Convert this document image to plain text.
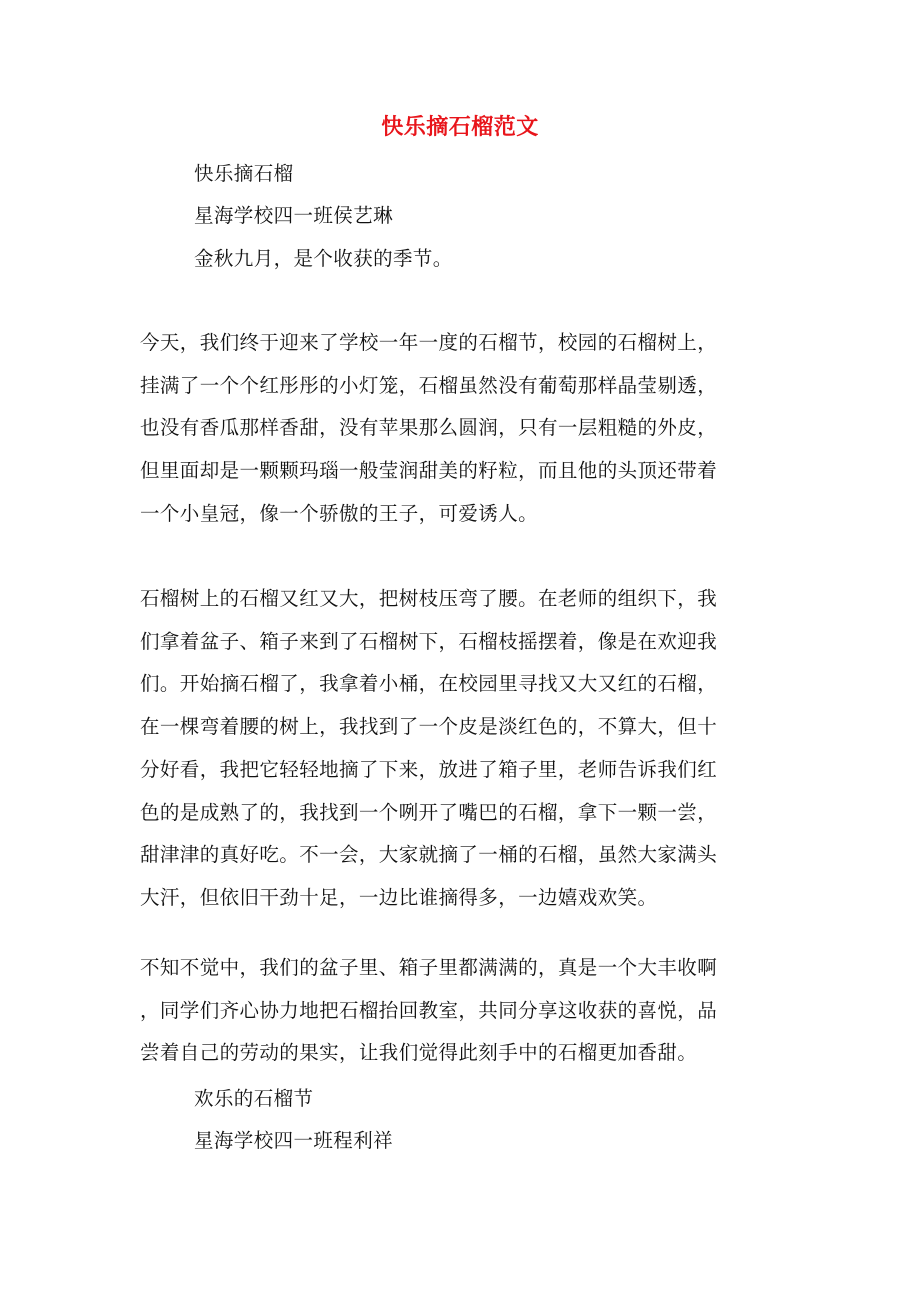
快乐摘石榴范文
快乐摘石榴
星海学校四一班侯艺琳
金秋九月，是个收获的季节。
今天，我们终于迎来了学校一年一度的石榴节，校园的石榴树上，
挂满了一个个红彤彤的小灯笼，石榴虽然没有葡萄那样晶莹剔透，
也没有香瓜那样香甜，没有苹果那么圆润，只有一层粗糙的外皮，
但里面却是一颗颗玛瑙一般莹润甜美的籽粒，而且他的头顶还带着
一个小皇冠，像一个骄傲的王子，可爱诱人。
石榴树上的石榴又红又大，把树枝压弯了腰。在老师的组织下，我
们拿着盆子、箱子来到了石榴树下，石榴枝摇摆着，像是在欢迎我
们。开始摘石榴了，我拿着小桶，在校园里寻找又大又红的石榴，
在一棵弯着腰的树上，我找到了一个皮是淡红色的，不算大，但十
分好看，我把它轻轻地摘了下来，放进了箱子里，老师告诉我们红
色的是成熟了的，我找到一个咧开了嘴巴的石榴，拿下一颗一尝，
甜津津的真好吃。不一会，大家就摘了一桶的石榴，虽然大家满头
大汗，但依旧干劲十足，一边比谁摘得多，一边嬉戏欢笑。
不知不觉中，我们的盆子里、箱子里都满满的，真是一个大丰收啊
，同学们齐心协力地把石榴抬回教室，共同分享这收获的喜悦，品
尝着自己的劳动的果实，让我们觉得此刻手中的石榴更加香甜。
欢乐的石榴节
星海学校四一班程利祥
